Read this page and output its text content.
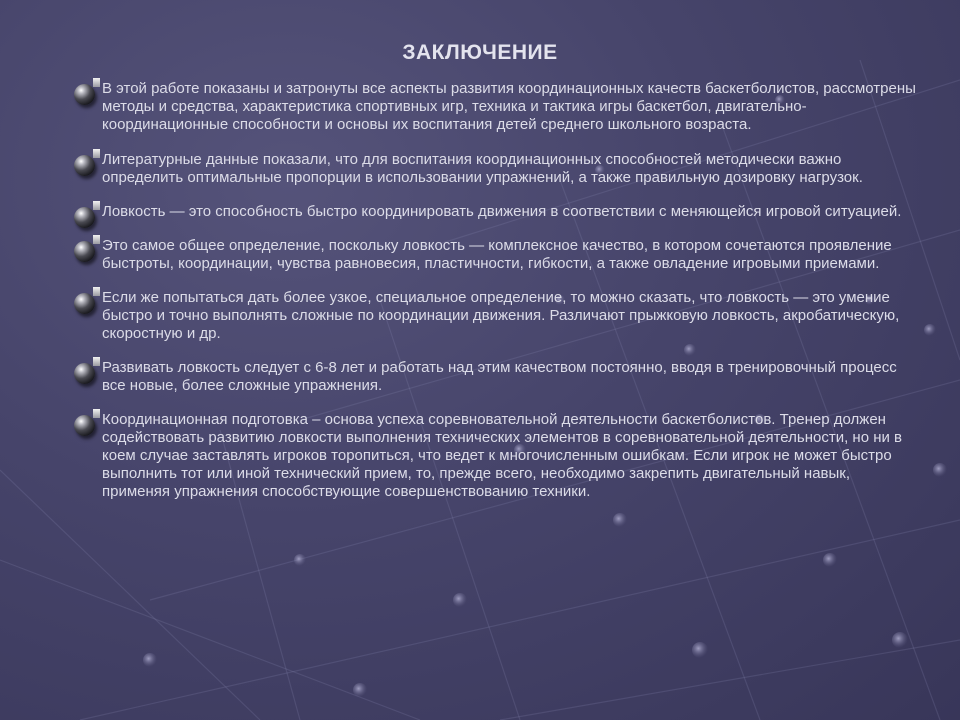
ЗАКЛЮЧЕНИЕ
В этой работе показаны и затронуты все аспекты развития координационных качеств баскетболистов, рассмотрены методы и средства, характеристика спортивных игр, техника и тактика игры баскетбол, двигательно-координационные способности и основы их воспитания детей среднего школьного возраста.
Литературные данные показали, что для воспитания координационных способностей методически важно определить оптимальные пропорции в использовании упражнений, а также правильную дозировку нагрузок.
Ловкость — это способность быстро координировать движения в соответствии с меняющейся игровой ситуацией.
Это самое общее определение, поскольку ловкость — комплексное качество, в котором сочетаются проявление быстроты, координации, чувства равновесия, пластичности, гибкости, а также овладение игровыми приемами.
Если же попытаться дать более узкое, специальное определение, то можно сказать, что ловкость — это умение быстро и точно выполнять сложные по координации движения. Различают прыжковую ловкость, акробатическую, скоростную и др.
Развивать ловкость следует с 6-8 лет и работать над этим качеством постоянно, вводя в тренировочный процесс все новые, более сложные упражнения.
Координационная подготовка – основа успеха соревновательной деятельности баскетболистов. Тренер должен содействовать развитию ловкости выполнения технических элементов в соревновательной деятельности, но ни в коем случае заставлять игроков торопиться, что ведет к многочисленным ошибкам. Если игрок не может быстро выполнить тот или иной технический прием, то, прежде всего, необходимо закрепить двигательный навык, применяя упражнения способствующие совершенствованию техники.
